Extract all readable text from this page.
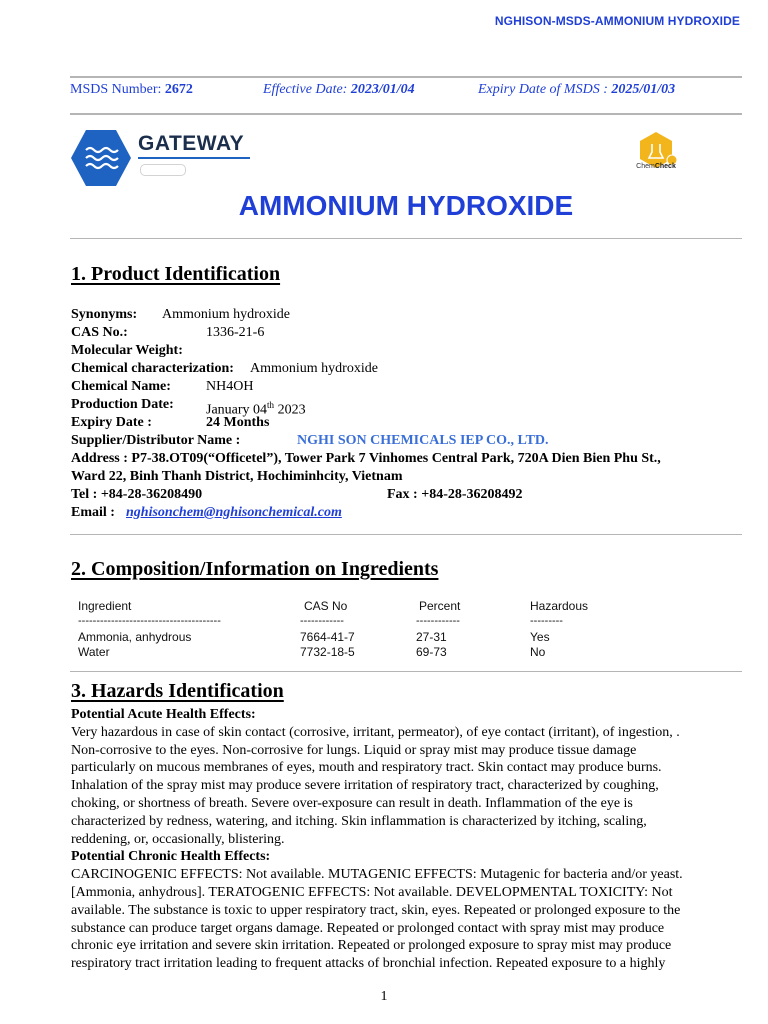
NGHISON-MSDS-AMMONIUM HYDROXIDE
MSDS Number: 2672	Effective Date: 2023/01/04	Expiry Date of MSDS : 2025/01/03
GATEWAY
ChemCheck
AMMONIUM HYDROXIDE
1. Product Identification
Synonyms: Ammonium hydroxide
CAS No.:	1336-21-6
Molecular Weight:
Chemical characterization: Ammonium hydroxide
Chemical Name:	NH4OH
Production Date: January 04th 2023
Expiry Date :	24 Months
Supplier/Distributor Name :	NGHI SON CHEMICALS IEP CO., LTD.
Address : P7-38.OT09(“Officetel”), Tower Park 7 Vinhomes Central Park, 720A Dien Bien Phu St.,
Ward 22, Binh Thanh District, Hochiminhcity, Vietnam
Tel : +84-28-36208490	Fax : +84-28-36208492
Email : nghisonchem@nghisonchemical.com
2. Composition/Information on Ingredients
Ingredient	CAS No	Percent	Hazardous
---------------------------------------	------------	------------	---------
Ammonia, anhydrous	7664-41-7	27-31	Yes
Water	7732-18-5	69-73	No
3. Hazards Identification
Potential Acute Health Effects:
Very hazardous in case of skin contact (corrosive, irritant, permeator), of eye contact (irritant), of ingestion, .
Non-corrosive to the eyes. Non-corrosive for lungs. Liquid or spray mist may produce tissue damage
particularly on mucous membranes of eyes, mouth and respiratory tract. Skin contact may produce burns.
Inhalation of the spray mist may produce severe irritation of respiratory tract, characterized by coughing,
choking, or shortness of breath. Severe over-exposure can result in death. Inflammation of the eye is
characterized by redness, watering, and itching. Skin inflammation is characterized by itching, scaling,
reddening, or, occasionally, blistering.
Potential Chronic Health Effects:
CARCINOGENIC EFFECTS: Not available. MUTAGENIC EFFECTS: Mutagenic for bacteria and/or yeast.
[Ammonia, anhydrous]. TERATOGENIC EFFECTS: Not available. DEVELOPMENTAL TOXICITY: Not
available. The substance is toxic to upper respiratory tract, skin, eyes. Repeated or prolonged exposure to the
substance can produce target organs damage. Repeated or prolonged contact with spray mist may produce
chronic eye irritation and severe skin irritation. Repeated or prolonged exposure to spray mist may produce
respiratory tract irritation leading to frequent attacks of bronchial infection. Repeated exposure to a highly
1
